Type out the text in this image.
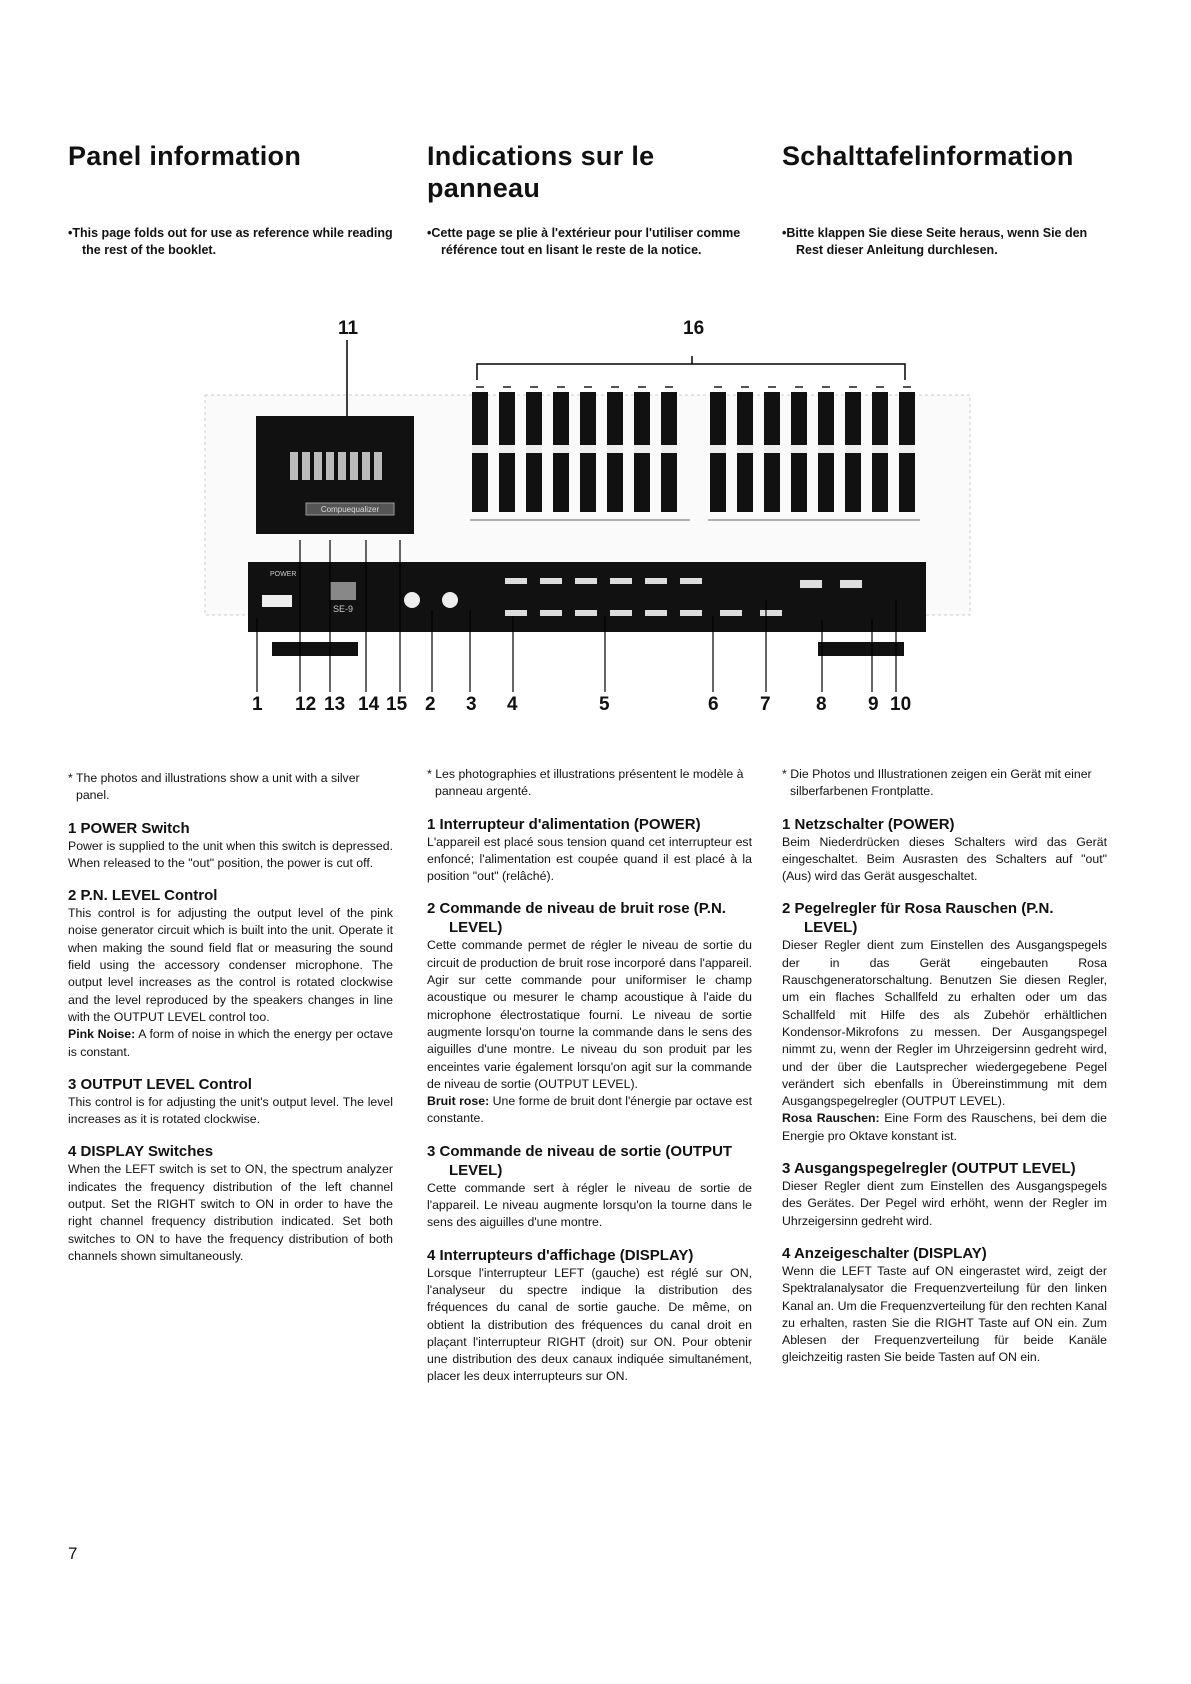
Panel information	Indications sur le panneau
Schalttafelinformation
• This page folds out for use as reference while reading the rest of the booklet.
• Cette page se plie à l'extérieur pour l'utiliser comme référence tout en lisant le reste de la notice.
• Bitte klappen Sie diese Seite heraus, wenn Sie den Rest dieser Anleitung durchlesen.
Compuequalizer
POWER
SE-9
11	16
1 12 13 14 15 2 3 4	5	6 7 8 9 10
* The photos and illustrations show a unit with a silver panel.
1 POWER Switch

Power is supplied to the unit when this switch is depressed. When released to the "out" position, the power is cut off.

2 P.N. LEVEL Control

This control is for adjusting the output level of the pink noise generator circuit which is built into the unit. Operate it when making the sound field flat or measuring the sound field using the accessory condenser microphone. The output level increases as the control is rotated clockwise and the level reproduced by the speakers changes in line with the OUTPUT LEVEL control too.

Pink Noise: A form of noise in which the energy per octave is constant.

3 OUTPUT LEVEL Control

This control is for adjusting the unit's output level. The level increases as it is rotated clockwise.

4 DISPLAY Switches

When the LEFT switch is set to ON, the spectrum analyzer indicates the frequency distribution of the left channel output. Set the RIGHT switch to ON in order to have the right channel frequency distribution indicated. Set both switches to ON to have the frequency distribution of both channels shown simultaneously.

* Les photographies et illustrations présentent le modèle à panneau argenté.
1 Interrupteur d'alimentation (POWER)

L'appareil est placé sous tension quand cet interrupteur est enfoncé; l'alimentation est coupée quand il est placé à la position "out" (relâché).

2 Commande de niveau de bruit rose (P.N. LEVEL)

Cette commande permet de régler le niveau de sortie du circuit de production de bruit rose incorporé dans l'appareil. Agir sur cette commande pour uniformiser le champ acoustique ou mesurer le champ acoustique à l'aide du microphone électrostatique fourni. Le niveau de sortie augmente lorsqu'on tourne la commande dans le sens des aiguilles d'une montre. Le niveau du son produit par les enceintes varie également lorsqu'on agit sur la commande de niveau de sortie (OUTPUT LEVEL).

Bruit rose: Une forme de bruit dont l'énergie par octave est constante.

3 Commande de niveau de sortie (OUTPUT LEVEL)

Cette commande sert à régler le niveau de sortie de l'appareil. Le niveau augmente lorsqu'on la tourne dans le sens des aiguilles d'une montre.

4 Interrupteurs d'affichage (DISPLAY)

Lorsque l'interrupteur LEFT (gauche) est réglé sur ON, l'analyseur du spectre indique la distribution des fréquences du canal de sortie gauche. De même, on obtient la distribution des fréquences du canal droit en plaçant l'interrupteur RIGHT (droit) sur ON. Pour obtenir une distribution des deux canaux indiquée simultanément, placer les deux interrupteurs sur ON.

* Die Photos und Illustrationen zeigen ein Gerät mit einer silberfarbenen Frontplatte.
1 Netzschalter (POWER)

Beim Niederdrücken dieses Schalters wird das Gerät eingeschaltet. Beim Ausrasten des Schalters auf "out" (Aus) wird das Gerät ausgeschaltet.

2 Pegelregler für Rosa Rauschen (P.N. LEVEL)

Dieser Regler dient zum Einstellen des Ausgangspegels der in das Gerät eingebauten Rosa Rauschgeneratorschaltung. Benutzen Sie diesen Regler, um ein flaches Schallfeld zu erhalten oder um das Schallfeld mit Hilfe des als Zubehör erhältlichen Kondensor-Mikrofons zu messen. Der Ausgangspegel nimmt zu, wenn der Regler im Uhrzeigersinn gedreht wird, und der über die Lautsprecher wiedergegebene Pegel verändert sich ebenfalls in Übereinstimmung mit dem Ausgangspegelregler (OUTPUT LEVEL).

Rosa Rauschen: Eine Form des Rauschens, bei dem die Energie pro Oktave konstant ist.

3 Ausgangspegelregler (OUTPUT LEVEL)

Dieser Regler dient zum Einstellen des Ausgangspegels des Gerätes. Der Pegel wird erhöht, wenn der Regler im Uhrzeigersinn gedreht wird.

4 Anzeigeschalter (DISPLAY)

Wenn die LEFT Taste auf ON eingerastet wird, zeigt der Spektralanalysator die Frequenzverteilung für den linken Kanal an. Um die Frequenzverteilung für den rechten Kanal zu erhalten, rasten Sie die RIGHT Taste auf ON ein. Zum Ablesen der Frequenzverteilung für beide Kanäle gleichzeitig rasten Sie beide Tasten auf ON ein.

7
